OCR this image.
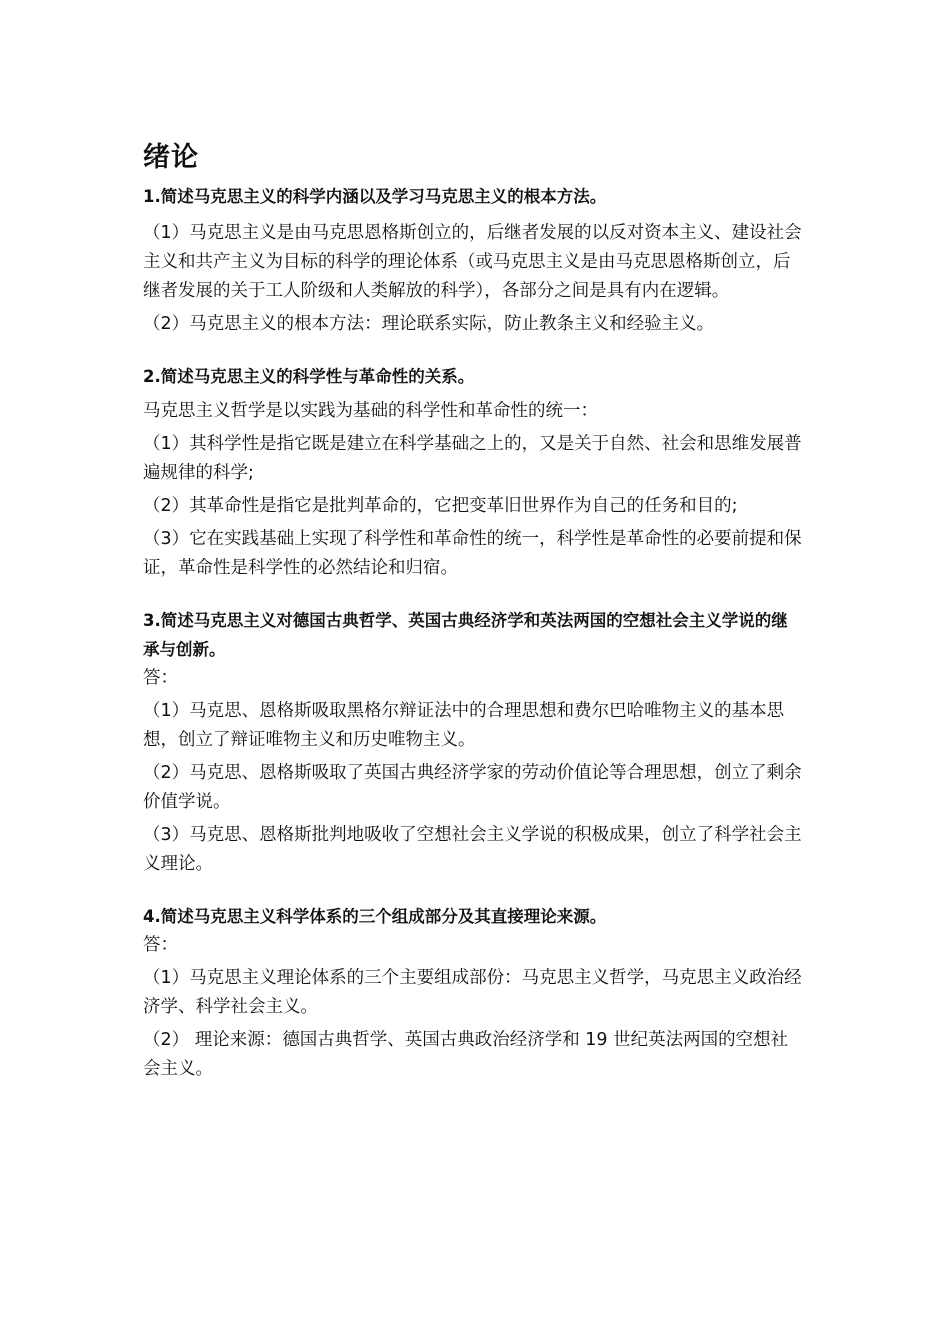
绪论

1.简述马克思主义的科学内涵以及学习马克思主义的根本方法。

（1）马克思主义是由马克思恩格斯创立的，后继者发展的以反对资本主义、建设社会主义和共产主义为目标的科学的理论体系（或马克思主义是由马克思恩格斯创立，后继者发展的关于工人阶级和人类解放的科学），各部分之间是具有内在逻辑。

（2）马克思主义的根本方法：理论联系实际，防止教条主义和经验主义。

2.简述马克思主义的科学性与革命性的关系。

马克思主义哲学是以实践为基础的科学性和革命性的统一：

（1）其科学性是指它既是建立在科学基础之上的，又是关于自然、社会和思维发展普遍规律的科学;

（2）其革命性是指它是批判革命的，它把变革旧世界作为自己的任务和目的;

（3）它在实践基础上实现了科学性和革命性的统一，科学性是革命性的必要前提和保证，革命性是科学性的必然结论和归宿。

3.简述马克思主义对德国古典哲学、英国古典经济学和英法两国的空想社会主义学说的继承与创新。

答：

（1）马克思、恩格斯吸取黑格尔辩证法中的合理思想和费尔巴哈唯物主义的基本思想，创立了辩证唯物主义和历史唯物主义。

（2）马克思、恩格斯吸取了英国古典经济学家的劳动价值论等合理思想，创立了剩余价值学说。

（3）马克思、恩格斯批判地吸收了空想社会主义学说的积极成果，创立了科学社会主义理论。

4.简述马克思主义科学体系的三个组成部分及其直接理论来源。

答：

（1）马克思主义理论体系的三个主要组成部份：马克思主义哲学，马克思主义政治经济学、科学社会主义。

（2） 理论来源：德国古典哲学、英国古典政治经济学和 19 世纪英法两国的空想社会主义。
